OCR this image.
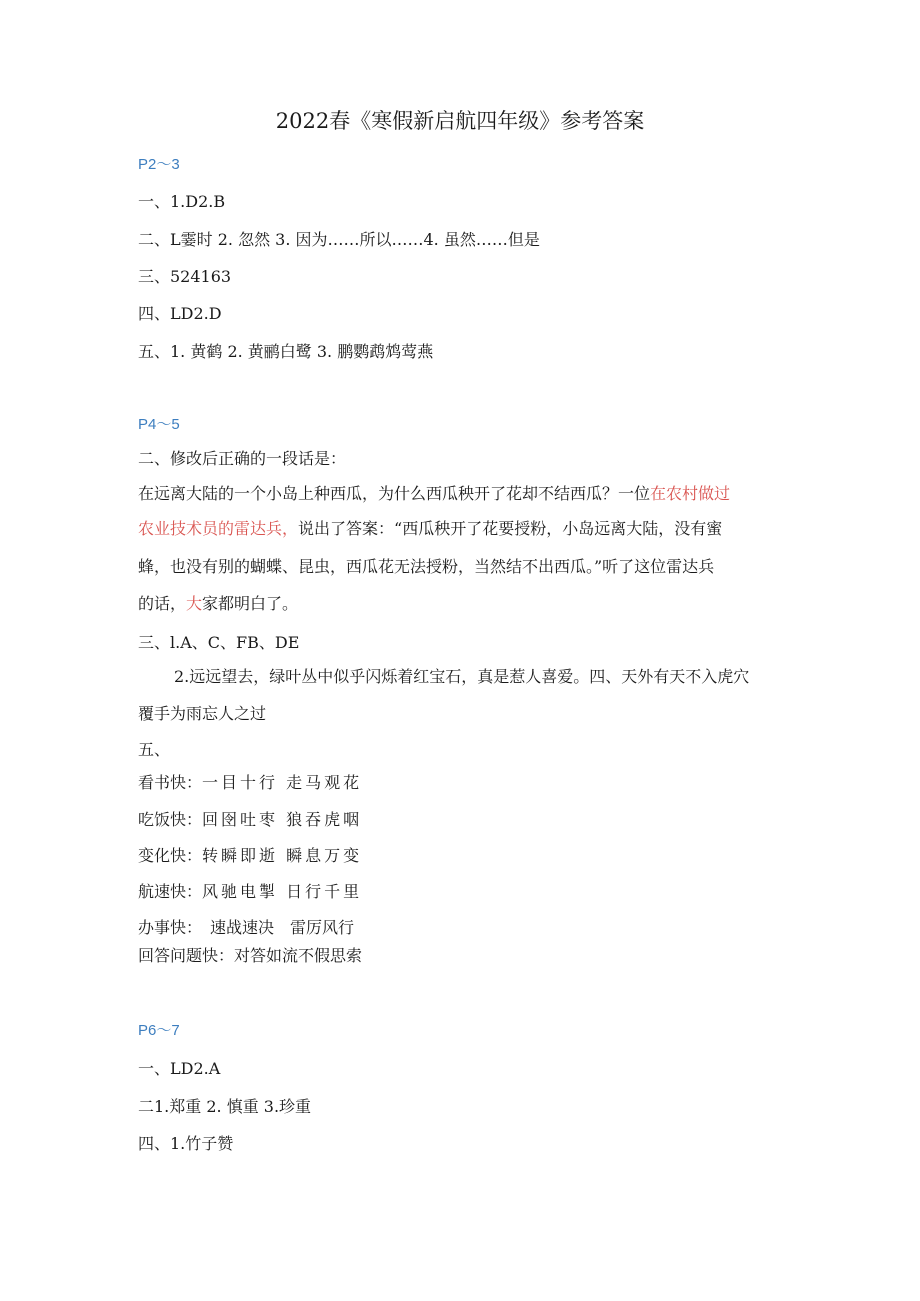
2022春《寒假新启航四年级》参考答案
P2～3
一、1.D2.B
二、L霎时 2. 忽然 3. 因为……所以……4. 虽然……但是
三、524163
四、LD2.D
五、1. 黄鹤 2. 黄鹂白鹭 3. 鹏鹦鹉鸩莺燕
P4～5
二、修改后正确的一段话是：
在远离大陆的一个小岛上种西瓜，为什么西瓜秧开了花却不结西瓜？一位在农村做过
农业技术员的雷达兵，说出了答案：“西瓜秧开了花要授粉，小岛远离大陆，没有蜜
蜂，也没有别的蝴蝶、昆虫，西瓜花无法授粉，当然结不出西瓜。”听了这位雷达兵
的话，大家都明白了。
三、l.A、C、FB、DE
2.远远望去，绿叶丛中似乎闪烁着红宝石，真是惹人喜爱。四、天外有天不入虎穴
覆手为雨忘人之过
五、
看书快：一目十行 走马观花
吃饭快：回囹吐枣 狼吞虎咽
变化快：转瞬即逝 瞬息万变
航速快：风驰电掣 日行千里
办事快： 速战速决　雷厉风行
回答问题快：对答如流不假思索
P6～7
一、LD2.A
二1.郑重 2. 慎重 3.珍重
四、1.竹子赞
